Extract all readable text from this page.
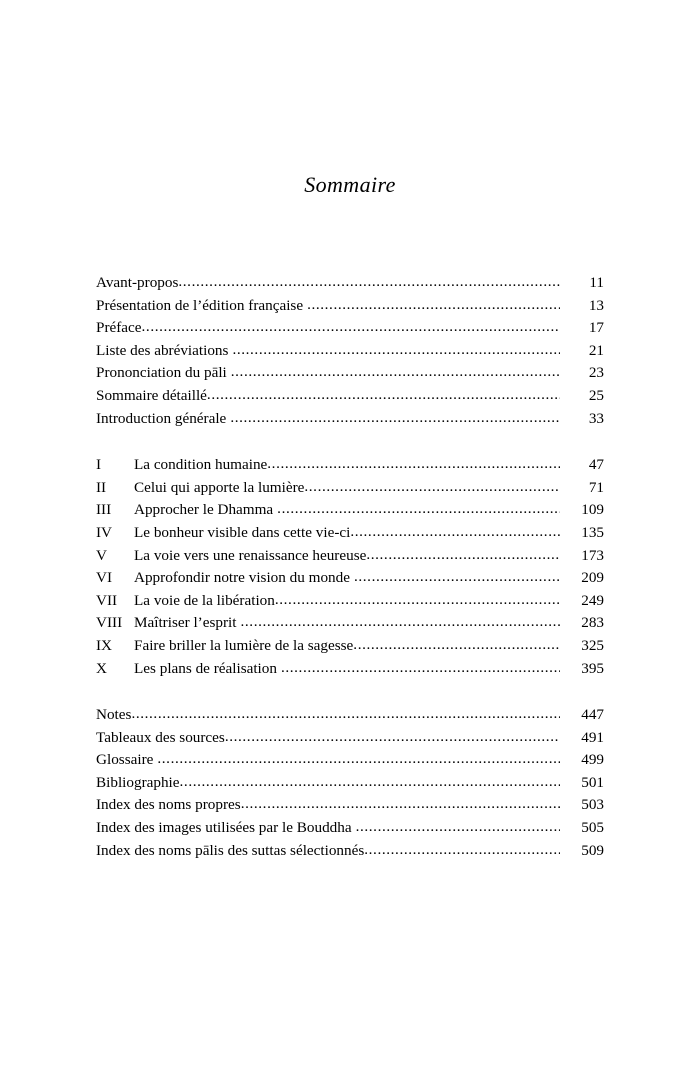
Sommaire
Avant-propos .....	11
Présentation de l’édition française .....	13
Préface .....	17
Liste des abréviations .....	21
Prononciation du pāli .....	23
Sommaire détaillé .....	25
Introduction générale .....	33
I La condition humaine .....	47
II Celui qui apporte la lumière .....	71
III Approcher le Dhamma .....	109
IV Le bonheur visible dans cette vie-ci .....	135
V La voie vers une renaissance heureuse .....	173
VI Approfondir notre vision du monde .....	209
VII La voie de la libération .....	249
VIII Maîtriser l’esprit .....	283
IX Faire briller la lumière de la sagesse .....	325
X Les plans de réalisation .....	395
Notes .....	447
Tableaux des sources .....	491
Glossaire .....	499
Bibliographie .....	501
Index des noms propres .....	503
Index des images utilisées par le Bouddha .....	505
Index des noms pālis des suttas sélectionnés .....	509
